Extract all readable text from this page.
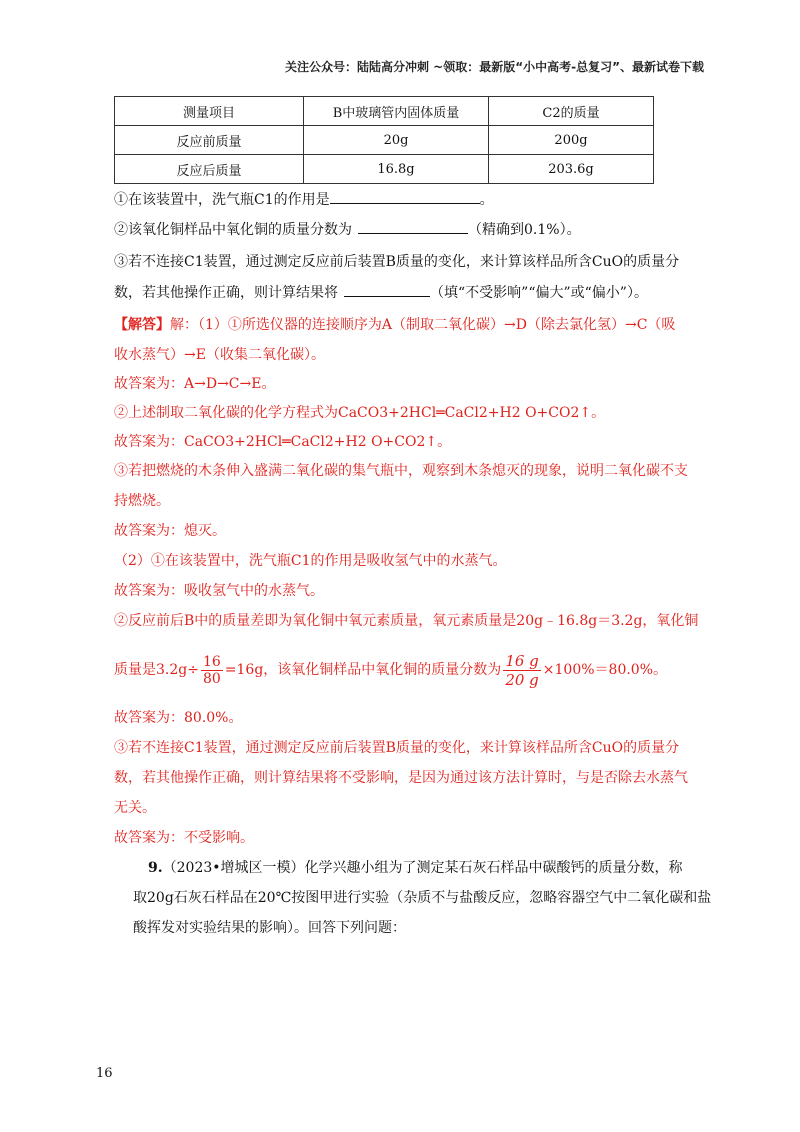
关注公众号：陆陆高分冲刺 ~领取：最新版“小中高考-总复习”、最新试卷下载
测量项目	B中玻璃管内固体质量	C2的质量
反应前质量	20g	200g
反应后质量	16.8g	203.6g
①在该装置中，洗气瓶C1的作用是	。
②该氧化铜样品中氧化铜的质量分数为	（精确到0.1%）。
③若不连接C1装置，通过测定反应前后装置B质量的变化，来计算该样品所含CuO的质量分
数，若其他操作正确，则计算结果将	（填“不受影响”“偏大”或“偏小”）。
【解答】解：（1）①所选仪器的连接顺序为A（制取二氧化碳）→D（除去氯化氢）→C（吸
收水蒸气）→E（收集二氧化碳）。
故答案为：A→D→C→E。
②上述制取二氧化碳的化学方程式为CaCO3+2HCl═CaCl2+H2 O+CO2↑。
故答案为：CaCO3+2HCl═CaCl2+H2 O+CO2↑。
③若把燃烧的木条伸入盛满二氧化碳的集气瓶中，观察到木条熄灭的现象，说明二氧化碳不支
持燃烧。
故答案为：熄灭。
（2）①在该装置中，洗气瓶C1的作用是吸收氢气中的水蒸气。
故答案为：吸收氢气中的水蒸气。
②反应前后B中的质量差即为氧化铜中氧元素质量，氧元素质量是20g﹣16.8g＝3.2g，氧化铜
质量是$3.2g\div \frac{16}{80} =16g$，该氧化铜样品中氧化铜的质量分数为 $\frac{16 g}{20 g} \times 100\%=80.0\%$。
故答案为：80.0%。
③若不连接C1装置，通过测定反应前后装置B质量的变化，来计算该样品所含CuO的质量分
数，若其他操作正确，则计算结果将不受影响，是因为通过该方法计算时，与是否除去水蒸气
无关。
故答案为：不受影响。
9.（2023•增城区一模）化学兴趣小组为了测定某石灰石样品中碳酸钙的质量分数，称
取20g石灰石样品在20℃按图甲进行实验（杂质不与盐酸反应，忽略容器空气中二氧化碳和盐
酸挥发对实验结果的影响）。回答下列问题：
16
